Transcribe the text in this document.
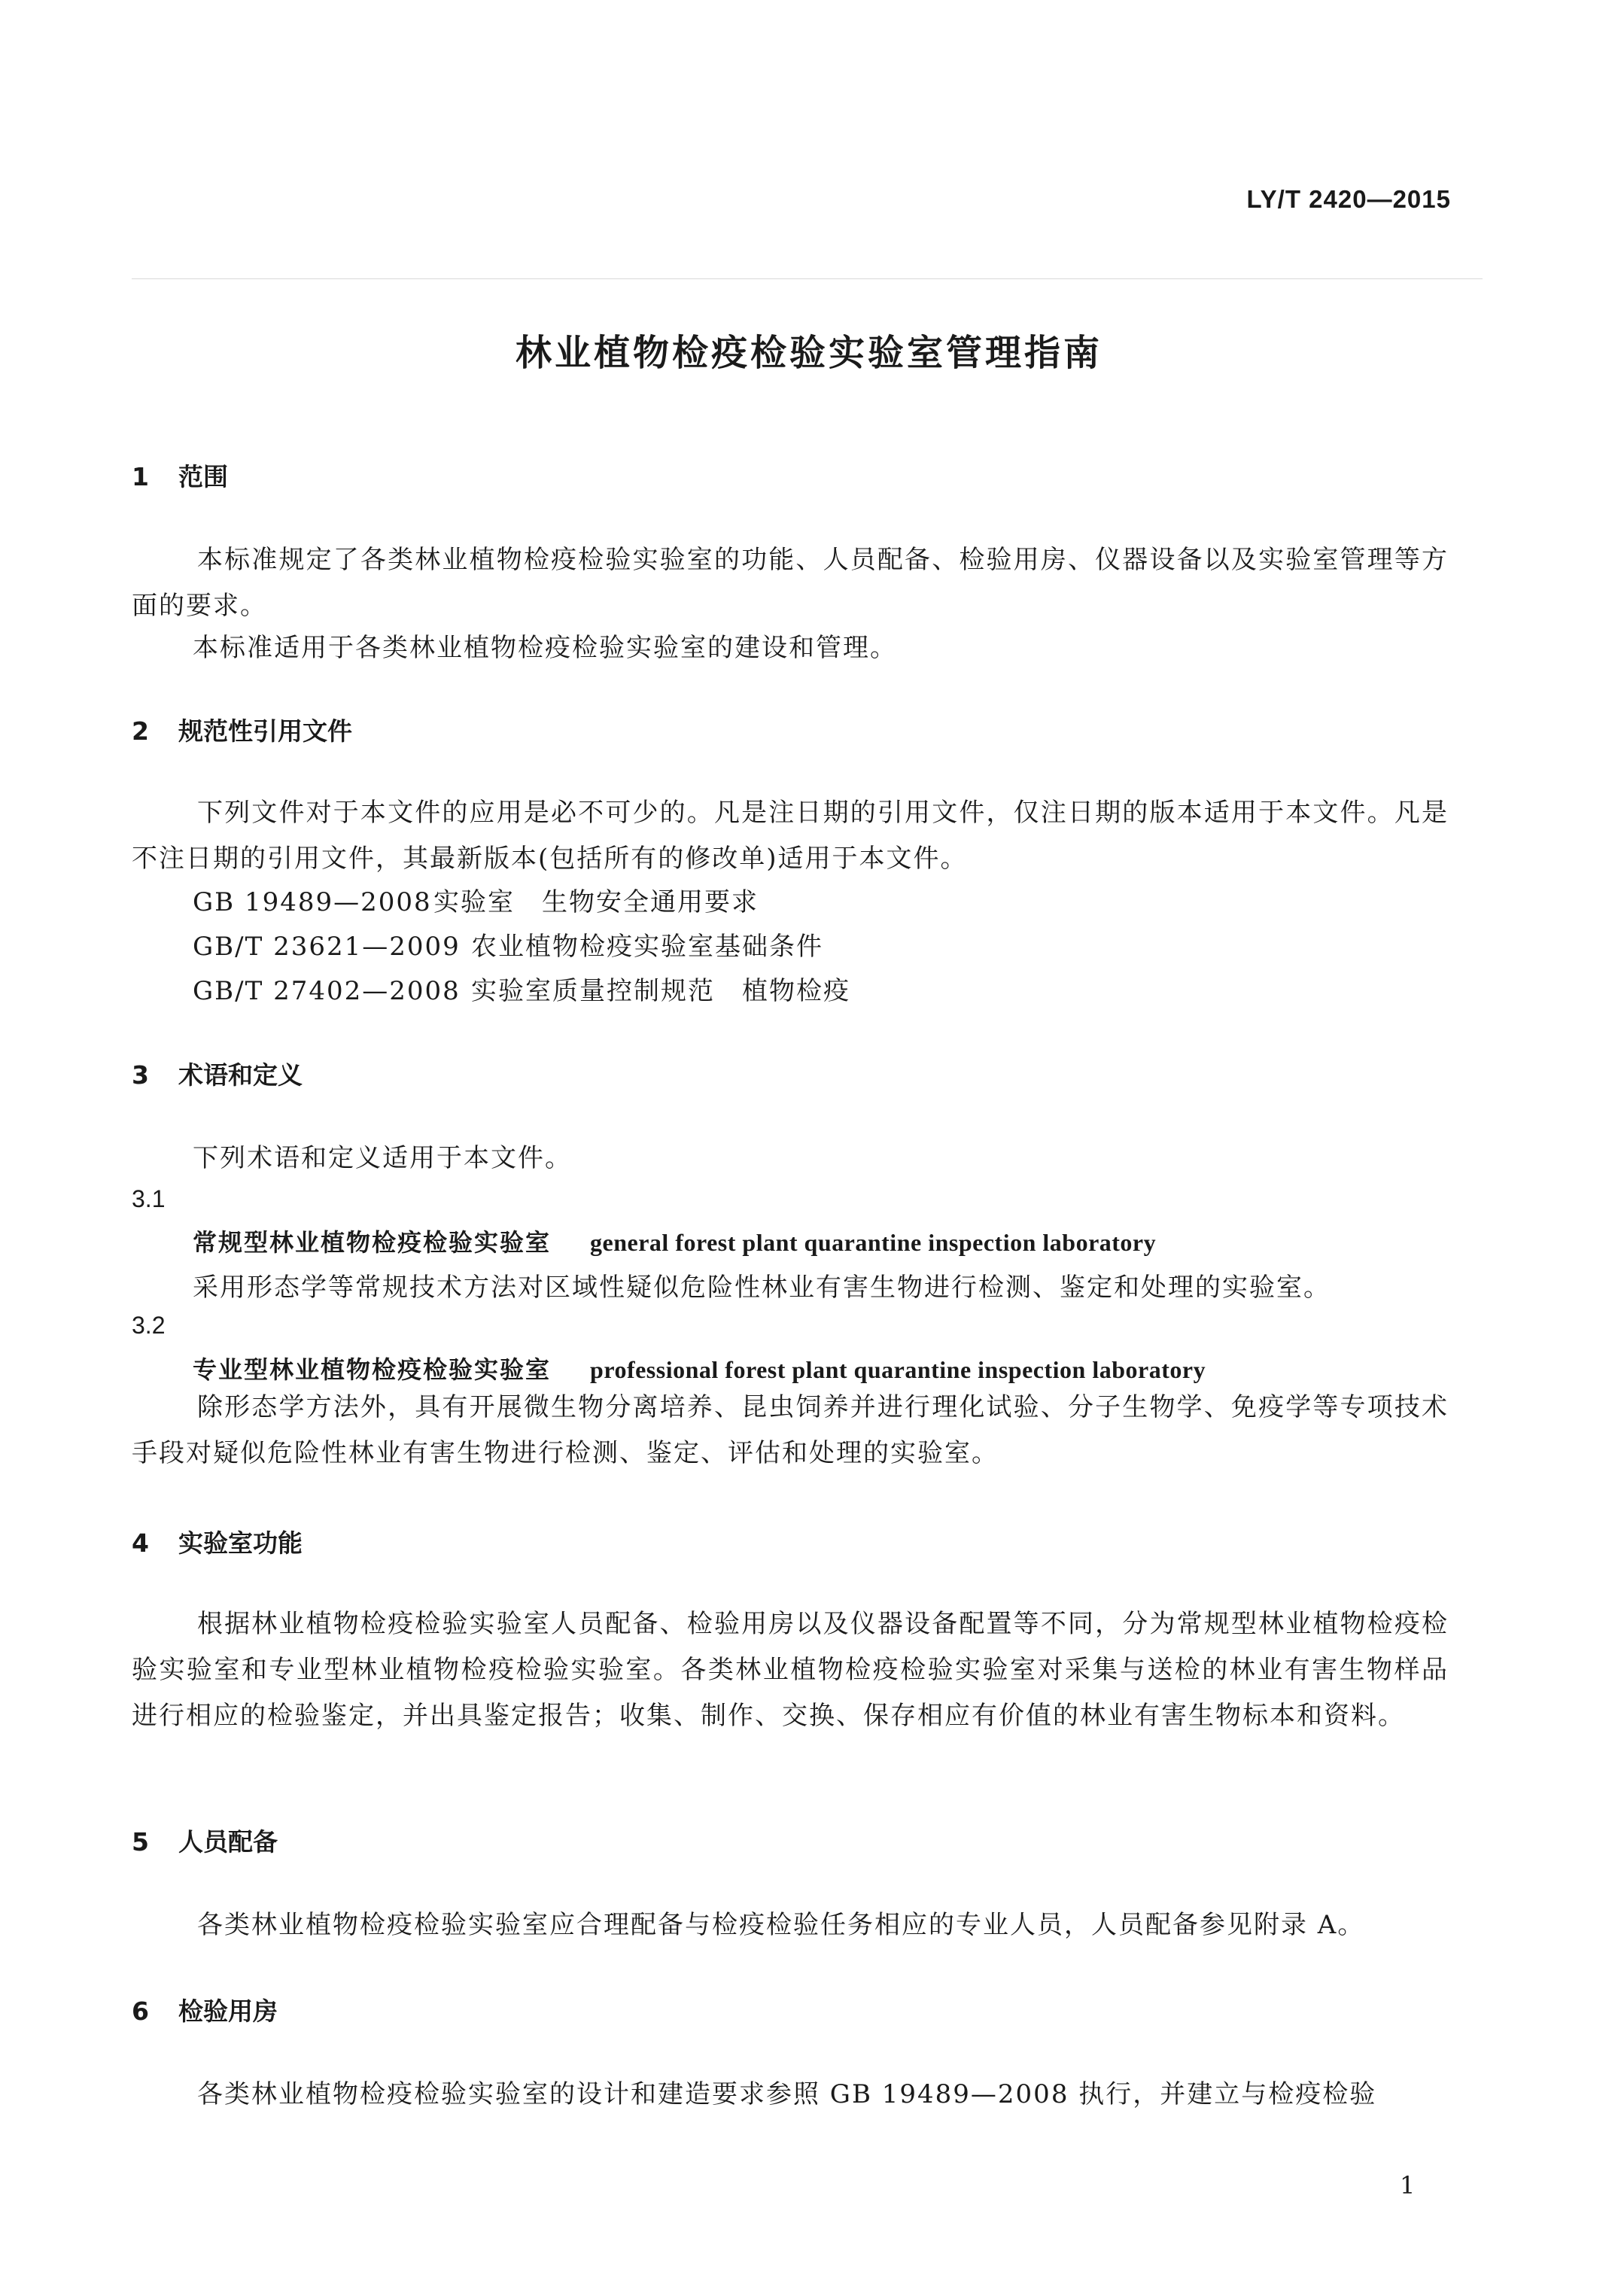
LY/T 2420—2015
林业植物检疫检验实验室管理指南
1 范围
本标准规定了各类林业植物检疫检验实验室的功能、人员配备、检验用房、仪器设备以及实验室管理等方面的要求。
本标准适用于各类林业植物检疫检验实验室的建设和管理。
2 规范性引用文件
下列文件对于本文件的应用是必不可少的。凡是注日期的引用文件，仅注日期的版本适用于本文件。凡是不注日期的引用文件，其最新版本(包括所有的修改单)适用于本文件。
GB 19489—2008实验室　生物安全通用要求
GB/T 23621—2009 农业植物检疫实验室基础条件
GB/T 27402—2008 实验室质量控制规范　植物检疫
3 术语和定义
下列术语和定义适用于本文件。
3.1
常规型林业植物检疫检验实验室 general forest plant quarantine inspection laboratory
采用形态学等常规技术方法对区域性疑似危险性林业有害生物进行检测、鉴定和处理的实验室。
3.2
专业型林业植物检疫检验实验室 professional forest plant quarantine inspection laboratory
除形态学方法外，具有开展微生物分离培养、昆虫饲养并进行理化试验、分子生物学、免疫学等专项技术手段对疑似危险性林业有害生物进行检测、鉴定、评估和处理的实验室。
4 实验室功能
根据林业植物检疫检验实验室人员配备、检验用房以及仪器设备配置等不同，分为常规型林业植物检疫检验实验室和专业型林业植物检疫检验实验室。各类林业植物检疫检验实验室对采集与送检的林业有害生物样品进行相应的检验鉴定，并出具鉴定报告；收集、制作、交换、保存相应有价值的林业有害生物标本和资料。
5 人员配备
各类林业植物检疫检验实验室应合理配备与检疫检验任务相应的专业人员，人员配备参见附录 A。
6 检验用房
各类林业植物检疫检验实验室的设计和建造要求参照 GB 19489—2008 执行，并建立与检疫检验
1
